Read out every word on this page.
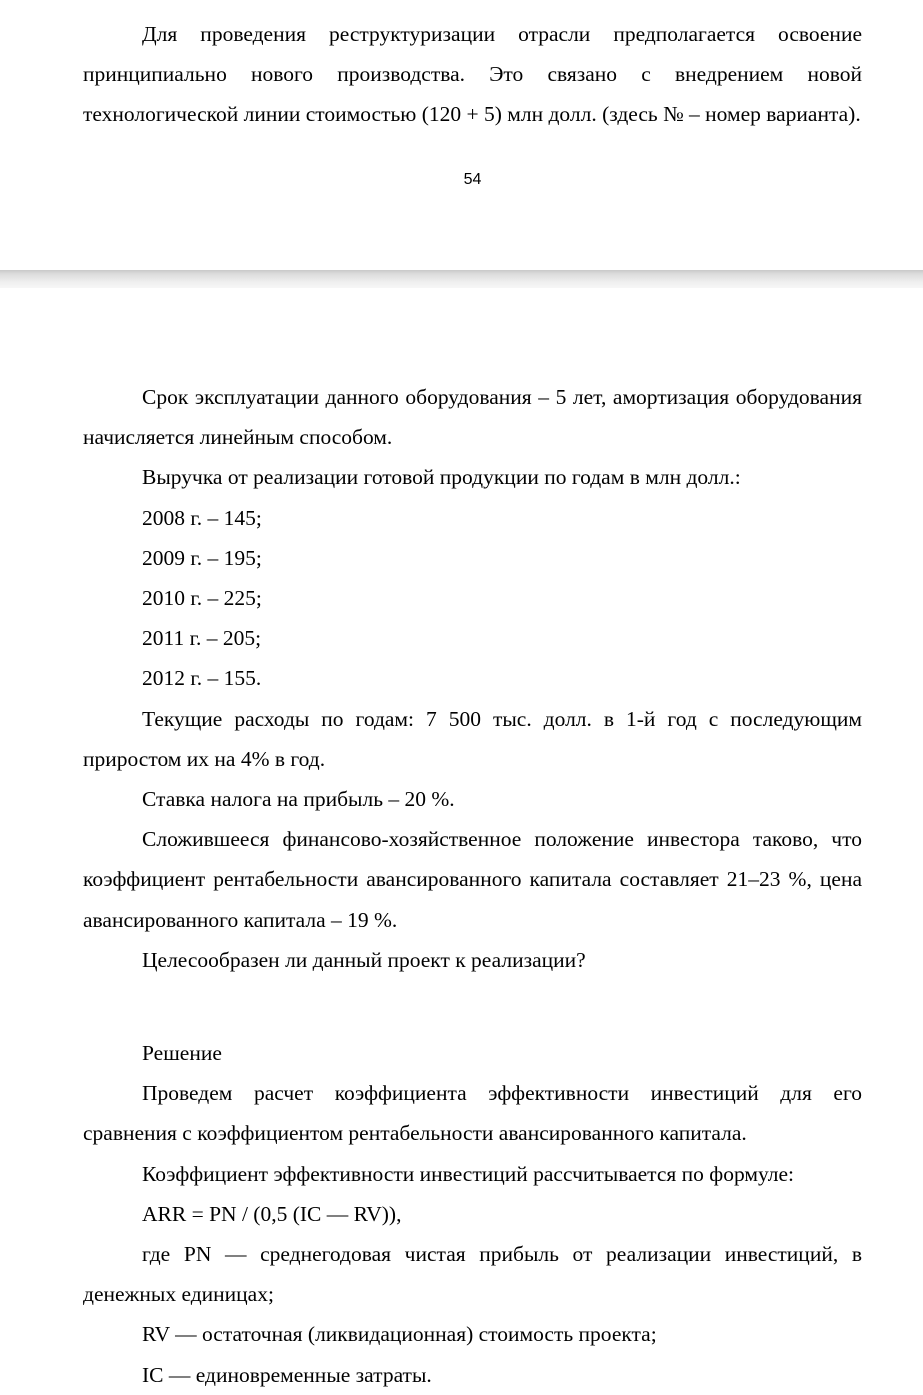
Для проведения реструктуризации отрасли предполагается освоение принципиально нового производства. Это связано с внедрением новой технологической линии стоимостью (120 + 5) млн долл. (здесь № – номер варианта).

54

Срок эксплуатации данного оборудования – 5 лет, амортизация оборудования начисляется линейным способом.

Выручка от реализации готовой продукции по годам в млн долл.:

2008 г. – 145;

2009 г. – 195;

2010 г. – 225;

2011 г. – 205;

2012 г. – 155.

Текущие расходы по годам: 7 500 тыс. долл. в 1-й год с последующим приростом их на 4% в год.

Ставка налога на прибыль – 20 %.

Сложившееся финансово-хозяйственное положение инвестора таково, что коэффициент рентабельности авансированного капитала составляет 21–23 %, цена авансированного капитала – 19 %.

Целесообразен ли данный проект к реализации?

Решение

Проведем расчет коэффициента эффективности инвестиций для его сравнения с коэффициентом рентабельности авансированного капитала.

Коэффициент эффективности инвестиций рассчитывается по формуле:

ARR = PN / (0,5 (IC — RV)),

где PN — среднегодовая чистая прибыль от реализации инвестиций, в денежных единицах;

RV — остаточная (ликвидационная) стоимость проекта;

IC — единовременные затраты.
